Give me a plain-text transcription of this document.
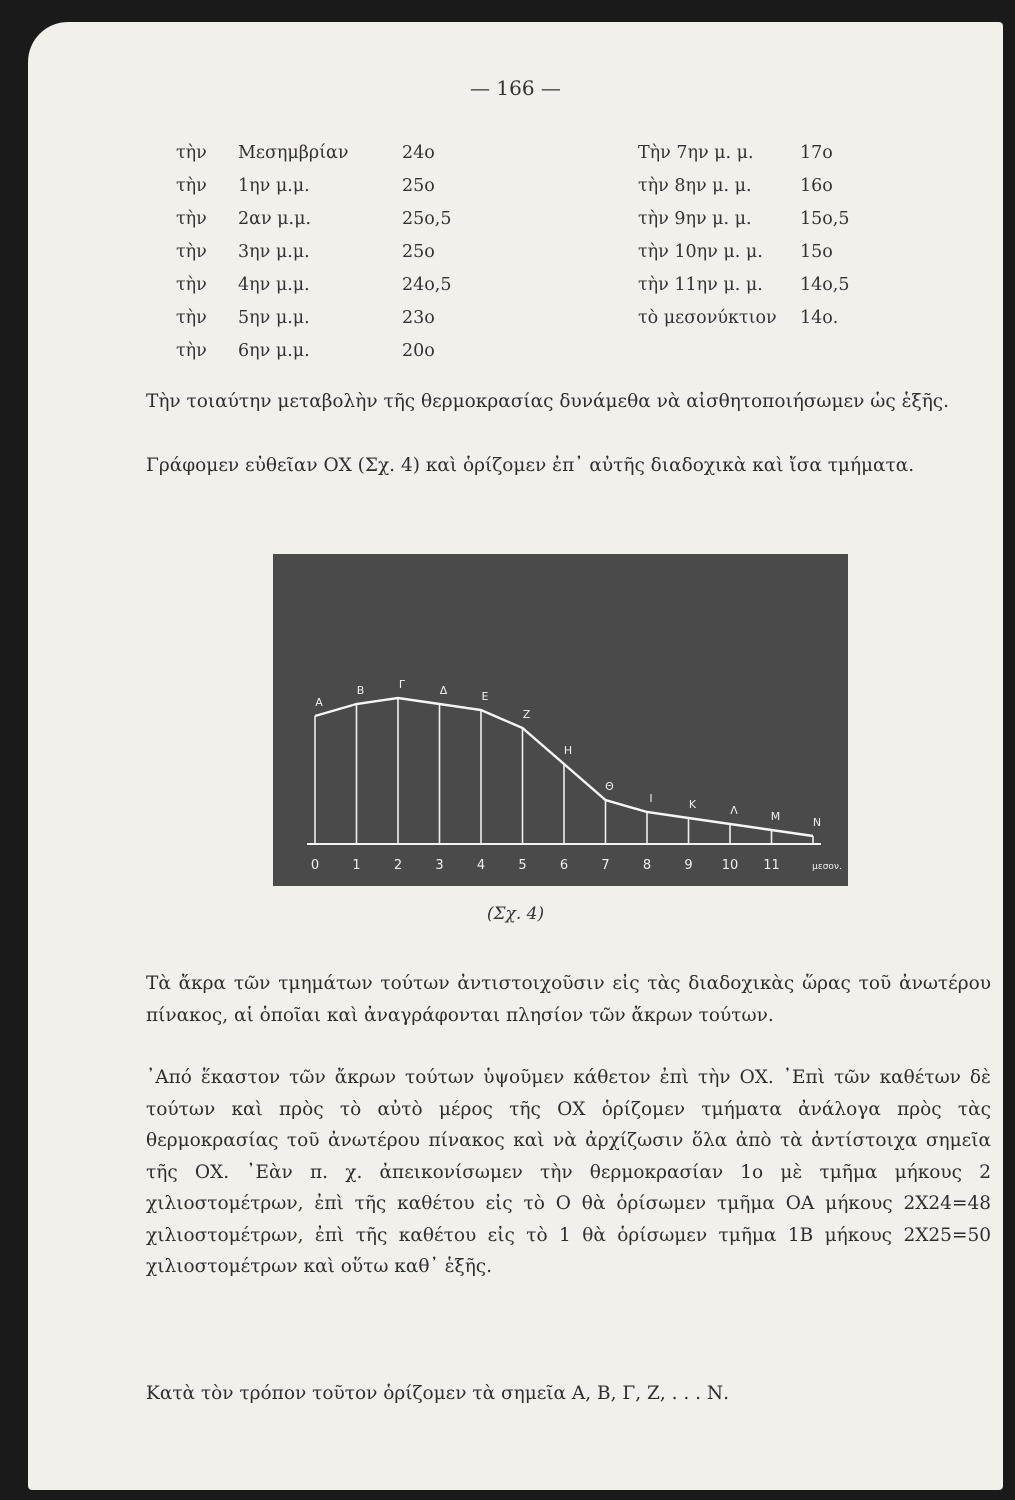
— 166 —
τὴν	Μεσημβρίαν	24ο
τὴν	1ην μ.μ.	25ο
τὴν	2αν μ.μ.	25ο,5
τὴν	3ην μ.μ.	25ο
τὴν	4ην μ.μ.	24ο,5
τὴν	5ην μ.μ.	23ο
τὴν	6ην μ.μ.	20ο
Τὴν 7ην μ. μ.	17ο
τὴν 8ην μ. μ.	16ο
τὴν 9ην μ. μ.	15ο,5
τὴν 10ην μ. μ.	15ο
τὴν 11ην μ. μ.	14ο,5
τὸ μεσονύκτιον	14ο.

Τὴν τοιαύτην μεταβολὴν τῆς θερμοκρασίας δυνάμεθα νὰ αἰσθητοποιήσωμεν ὡς ἑξῆς.

Γράφομεν εὐθεῖαν ΟΧ (Σχ. 4) καὶ ὁρίζομεν ἐπ᾿ αὐτῆς διαδοχικὰ καὶ ἴσα τμήματα.

Α
Β	Γ	Δ	Ε
Ζ
Η
Θ
Ι	Κ	Λ	Μ	Ν
0	1	2	3	4	5	6	7	8	9 10 11	μεσον.
(Σχ. 4)

Τὰ ἄκρα τῶν τμημάτων τούτων ἀντιστοιχοῦσιν εἰς τὰς διαδοχικὰς ὥρας τοῦ ἀνωτέρου πίνακος, αἱ ὁποῖαι καὶ ἀναγράφονται πλησίον τῶν ἄκρων τούτων.

᾿Από ἕκαστον τῶν ἄκρων τούτων ὑψοῦμεν κάθετον ἐπὶ τὴν ΟΧ. ᾿Επὶ τῶν καθέτων δὲ τούτων καὶ πρὸς τὸ αὐτὸ μέρος τῆς ΟΧ ὁρίζομεν τμήματα ἀνάλογα πρὸς τὰς θερμοκρασίας τοῦ ἀνωτέρου πίνακος καὶ νὰ ἀρχίζωσιν ὅλα ἀπὸ τὰ ἀντίστοιχα σημεῖα τῆς ΟΧ. ᾿Εὰν π. χ. ἀπεικονίσωμεν τὴν θερμοκρασίαν 1ο μὲ τμῆμα μήκους 2 χιλιοστομέτρων, ἐπὶ τῆς καθέτου εἰς τὸ Ο θὰ ὁρίσωμεν τμῆμα ΟΑ μήκους 2Χ24=48 χιλιοστομέτρων, ἐπὶ τῆς καθέτου εἰς τὸ 1 θὰ ὁρίσωμεν τμῆμα 1Β μήκους 2Χ25=50 χιλιοστομέτρων καὶ οὕτω καθ᾿ ἑξῆς.

Κατὰ τὸν τρόπον τοῦτον ὁρίζομεν τὰ σημεῖα Α, Β, Γ, Ζ, . . . Ν.
